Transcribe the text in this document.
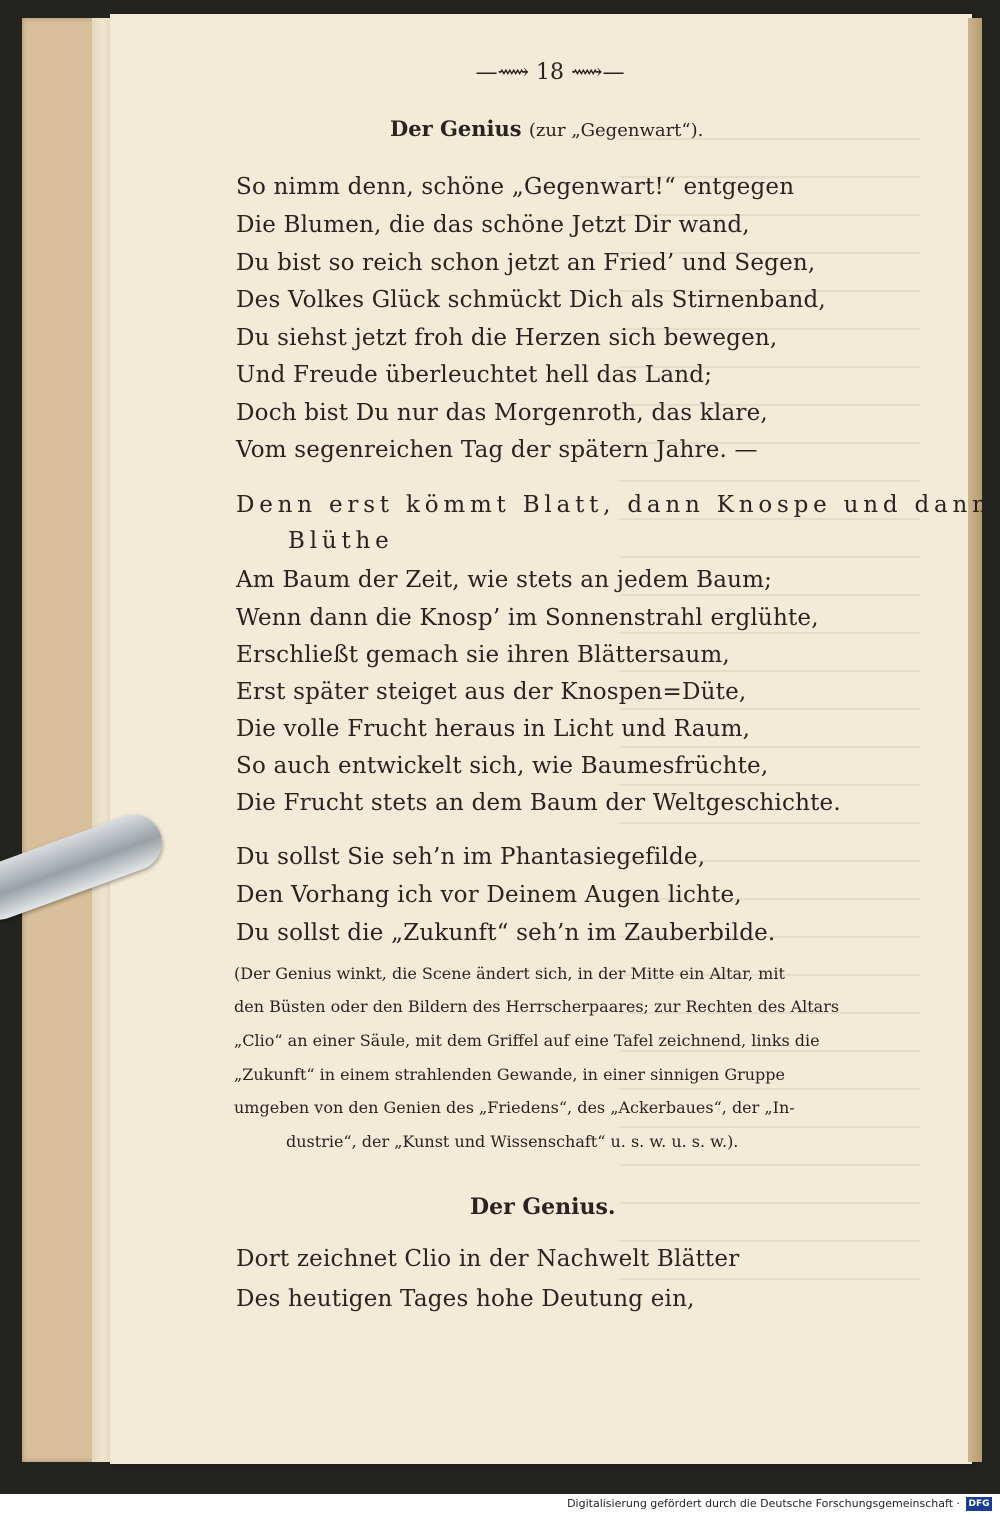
—⟿ 18 ⟿—
Der Genius (zur „Gegenwart“).
So nimm denn, schöne „Gegenwart!“ entgegen
Die Blumen, die das schöne Jetzt Dir wand,
Du bist so reich schon jetzt an Fried’ und Segen,
Des Volkes Glück schmückt Dich als Stirnenband,
Du siehst jetzt froh die Herzen sich bewegen,
Und Freude überleuchtet hell das Land;
Doch bist Du nur das Morgenroth, das klare,
Vom segenreichen Tag der spätern Jahre. —
Denn erst kömmt Blatt, dann Knospe und dann
Blüthe
Am Baum der Zeit, wie stets an jedem Baum;
Wenn dann die Knosp’ im Sonnenstrahl erglühte,
Erschließt gemach sie ihren Blättersaum,
Erst später steiget aus der Knospen=Düte,
Die volle Frucht heraus in Licht und Raum,
So auch entwickelt sich, wie Baumesfrüchte,
Die Frucht stets an dem Baum der Weltgeschichte.
Du sollst Sie seh’n im Phantasiegefilde,
Den Vorhang ich vor Deinem Augen lichte,
Du sollst die „Zukunft“ seh’n im Zauberbilde.
(Der Genius winkt, die Scene ändert sich, in der Mitte ein Altar, mit
den Büsten oder den Bildern des Herrscherpaares; zur Rechten des Altars
„Clio“ an einer Säule, mit dem Griffel auf eine Tafel zeichnend, links die
„Zukunft“ in einem strahlenden Gewande, in einer sinnigen Gruppe
umgeben von den Genien des „Friedens“, des „Ackerbaues“, der „In-
dustrie“, der „Kunst und Wissenschaft“ u. s. w. u. s. w.).
Der Genius.
Dort zeichnet Clio in der Nachwelt Blätter
Des heutigen Tages hohe Deutung ein,
Digitalisierung gefördert durch die Deutsche Forschungsgemeinschaft · DFG
